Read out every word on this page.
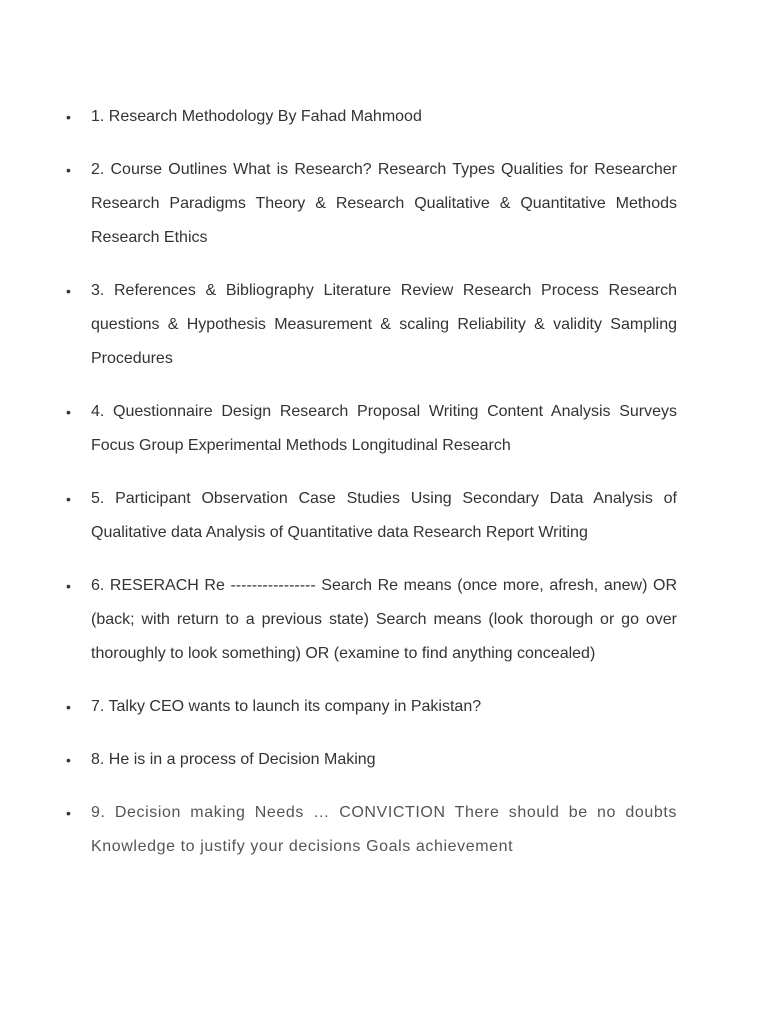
• 1. Research Methodology By Fahad Mahmood
• 2. Course Outlines What is Research? Research Types Qualities for Researcher Research Paradigms Theory & Research Qualitative & Quantitative Methods Research Ethics
• 3. References & Bibliography Literature Review Research Process Research questions & Hypothesis Measurement & scaling Reliability & validity Sampling Procedures
• 4. Questionnaire Design Research Proposal Writing Content Analysis Surveys Focus Group Experimental Methods Longitudinal Research
• 5. Participant Observation Case Studies Using Secondary Data Analysis of Qualitative data Analysis of Quantitative data Research Report Writing
• 6. RESERACH Re ---------------- Search Re means (once more, afresh, anew) OR (back; with return to a previous state) Search means (look thorough or go over thoroughly to look something) OR (examine to find anything concealed)
• 7. Talky CEO wants to launch its company in Pakistan?
• 8. He is in a process of Decision Making
• 9. Decision making Needs … CONVICTION There should be no doubts Knowledge to justify your decisions Goals achievement
